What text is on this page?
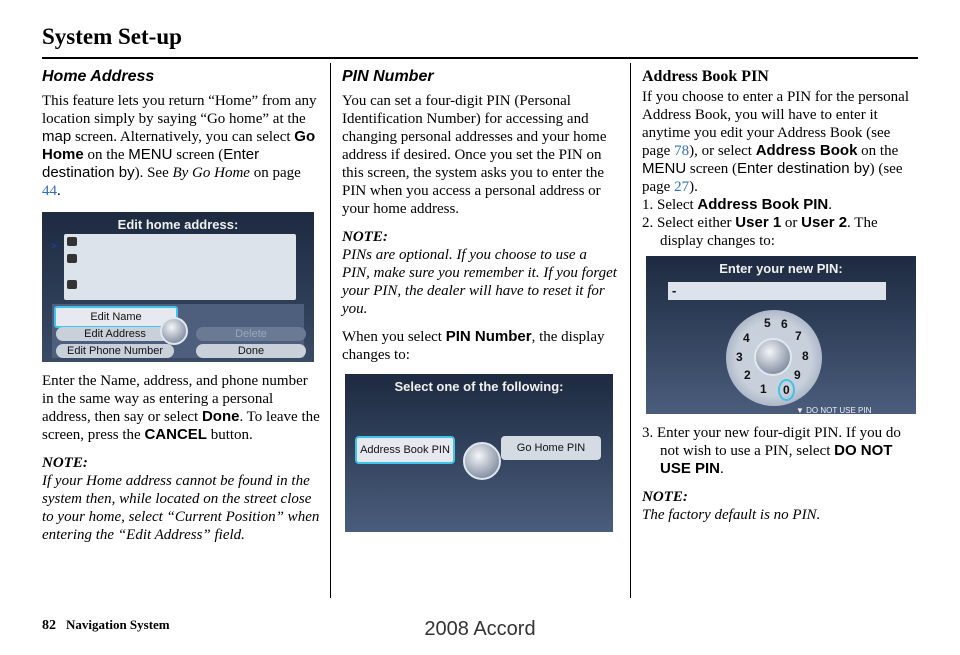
System Set-up
Home Address

This feature lets you return “Home” from any location simply by saying “Go home” at the map screen. Alternatively, you can select Go Home on the MENU screen (Enter destination by). See By Go Home on page 44.

Edit home address:
➤
Edit Name
Edit Address	Delete
Edit Phone Number	Done

Enter the Name, address, and phone number in the same way as entering a personal address, then say or select Done. To leave the screen, press the CANCEL button.

NOTE:

If your Home address cannot be found in the system then, while located on the street close to your home, select “Current Position” when entering the “Edit Address” field.

PIN Number

You can set a four-digit PIN (Personal Identification Number) for accessing and changing personal addresses and your home address if desired. Once you set the PIN on this screen, the system asks you to enter the PIN when you access a personal address or your home address.

NOTE:

PINs are optional. If you choose to use a PIN, make sure you remember it. If you forget your PIN, the dealer will have to reset it for you.

When you select PIN Number, the display changes to:

Select one of the following:
Address Book PIN	Go Home PIN
Address Book PIN

If you choose to enter a PIN for the personal Address Book, you will have to enter it anytime you edit your Address Book (see page 78), or select Address Book on the MENU screen (Enter destination by) (see page 27).

1. Select Address Book PIN.

2. Select either User 1 or User 2. The display changes to:

Enter your new PIN:
-
5 6
7
8
9
0
1
2
3
4
▼ DO NOT USE PIN

3. Enter your new four-digit PIN. If you do not wish to use a PIN, select DO NOT USE PIN.

NOTE:

The factory default is no PIN.

82 Navigation System	2008 Accord
